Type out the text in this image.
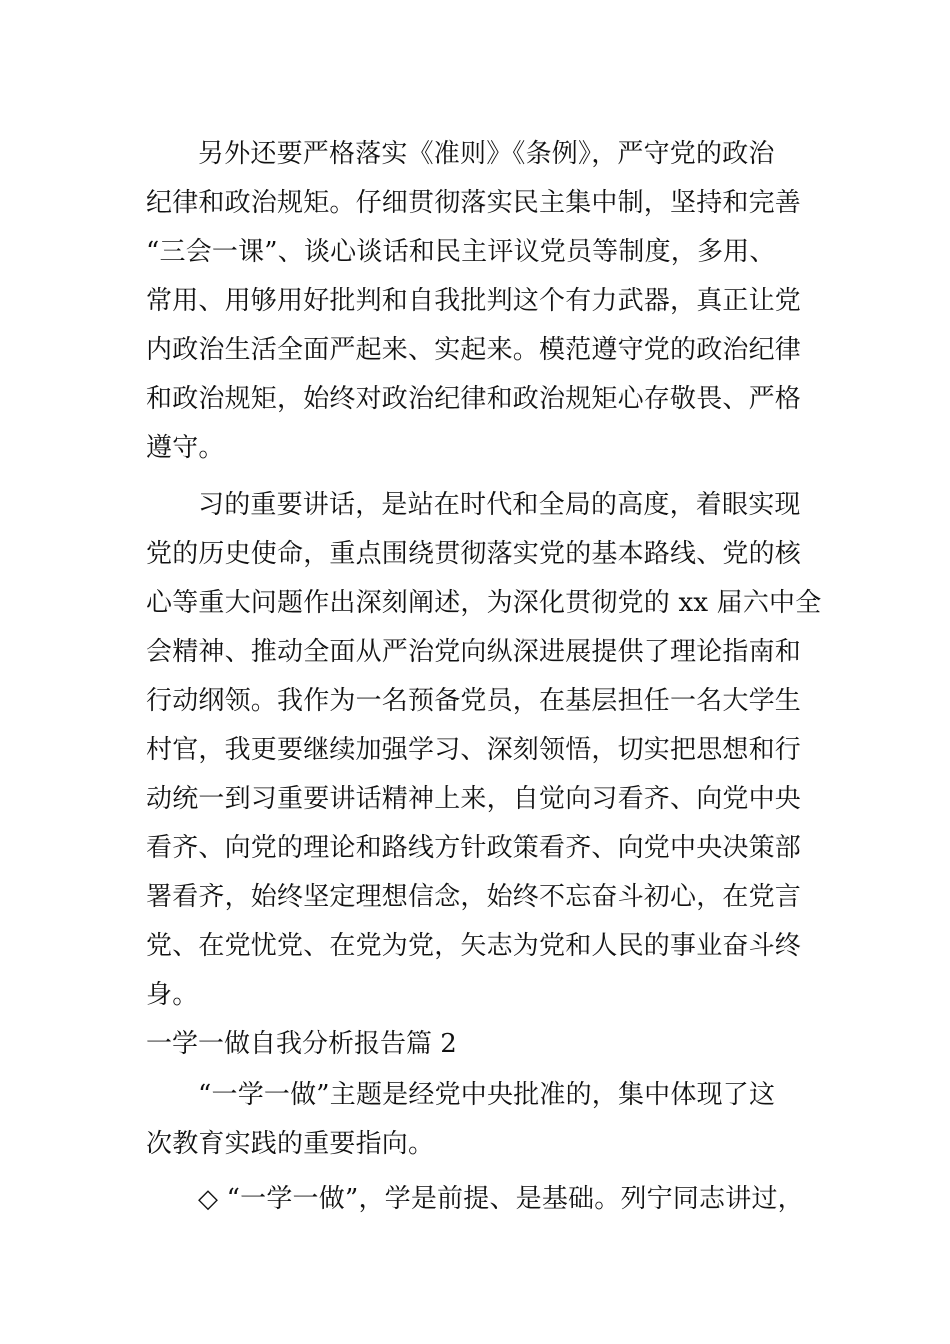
另外还要严格落实《准则》《条例》，严守党的政治
纪律和政治规矩。仔细贯彻落实民主集中制，坚持和完善
“三会一课”、谈心谈话和民主评议党员等制度，多用、
常用、用够用好批判和自我批判这个有力武器，真正让党
内政治生活全面严起来、实起来。模范遵守党的政治纪律
和政治规矩，始终对政治纪律和政治规矩心存敬畏、严格
遵守。

习的重要讲话，是站在时代和全局的高度，着眼实现
党的历史使命，重点围绕贯彻落实党的基本路线、党的核
心等重大问题作出深刻阐述，为深化贯彻党的 xx 届六中全
会精神、推动全面从严治党向纵深进展提供了理论指南和
行动纲领。我作为一名预备党员，在基层担任一名大学生
村官，我更要继续加强学习、深刻领悟，切实把思想和行
动统一到习重要讲话精神上来，自觉向习看齐、向党中央
看齐、向党的理论和路线方针政策看齐、向党中央决策部
署看齐，始终坚定理想信念，始终不忘奋斗初心，在党言
党、在党忧党、在党为党，矢志为党和人民的事业奋斗终
身。

一学一做自我分析报告篇 2

“一学一做”主题是经党中央批准的，集中体现了这
次教育实践的重要指向。

◇ “一学一做”，学是前提、是基础。列宁同志讲过，
